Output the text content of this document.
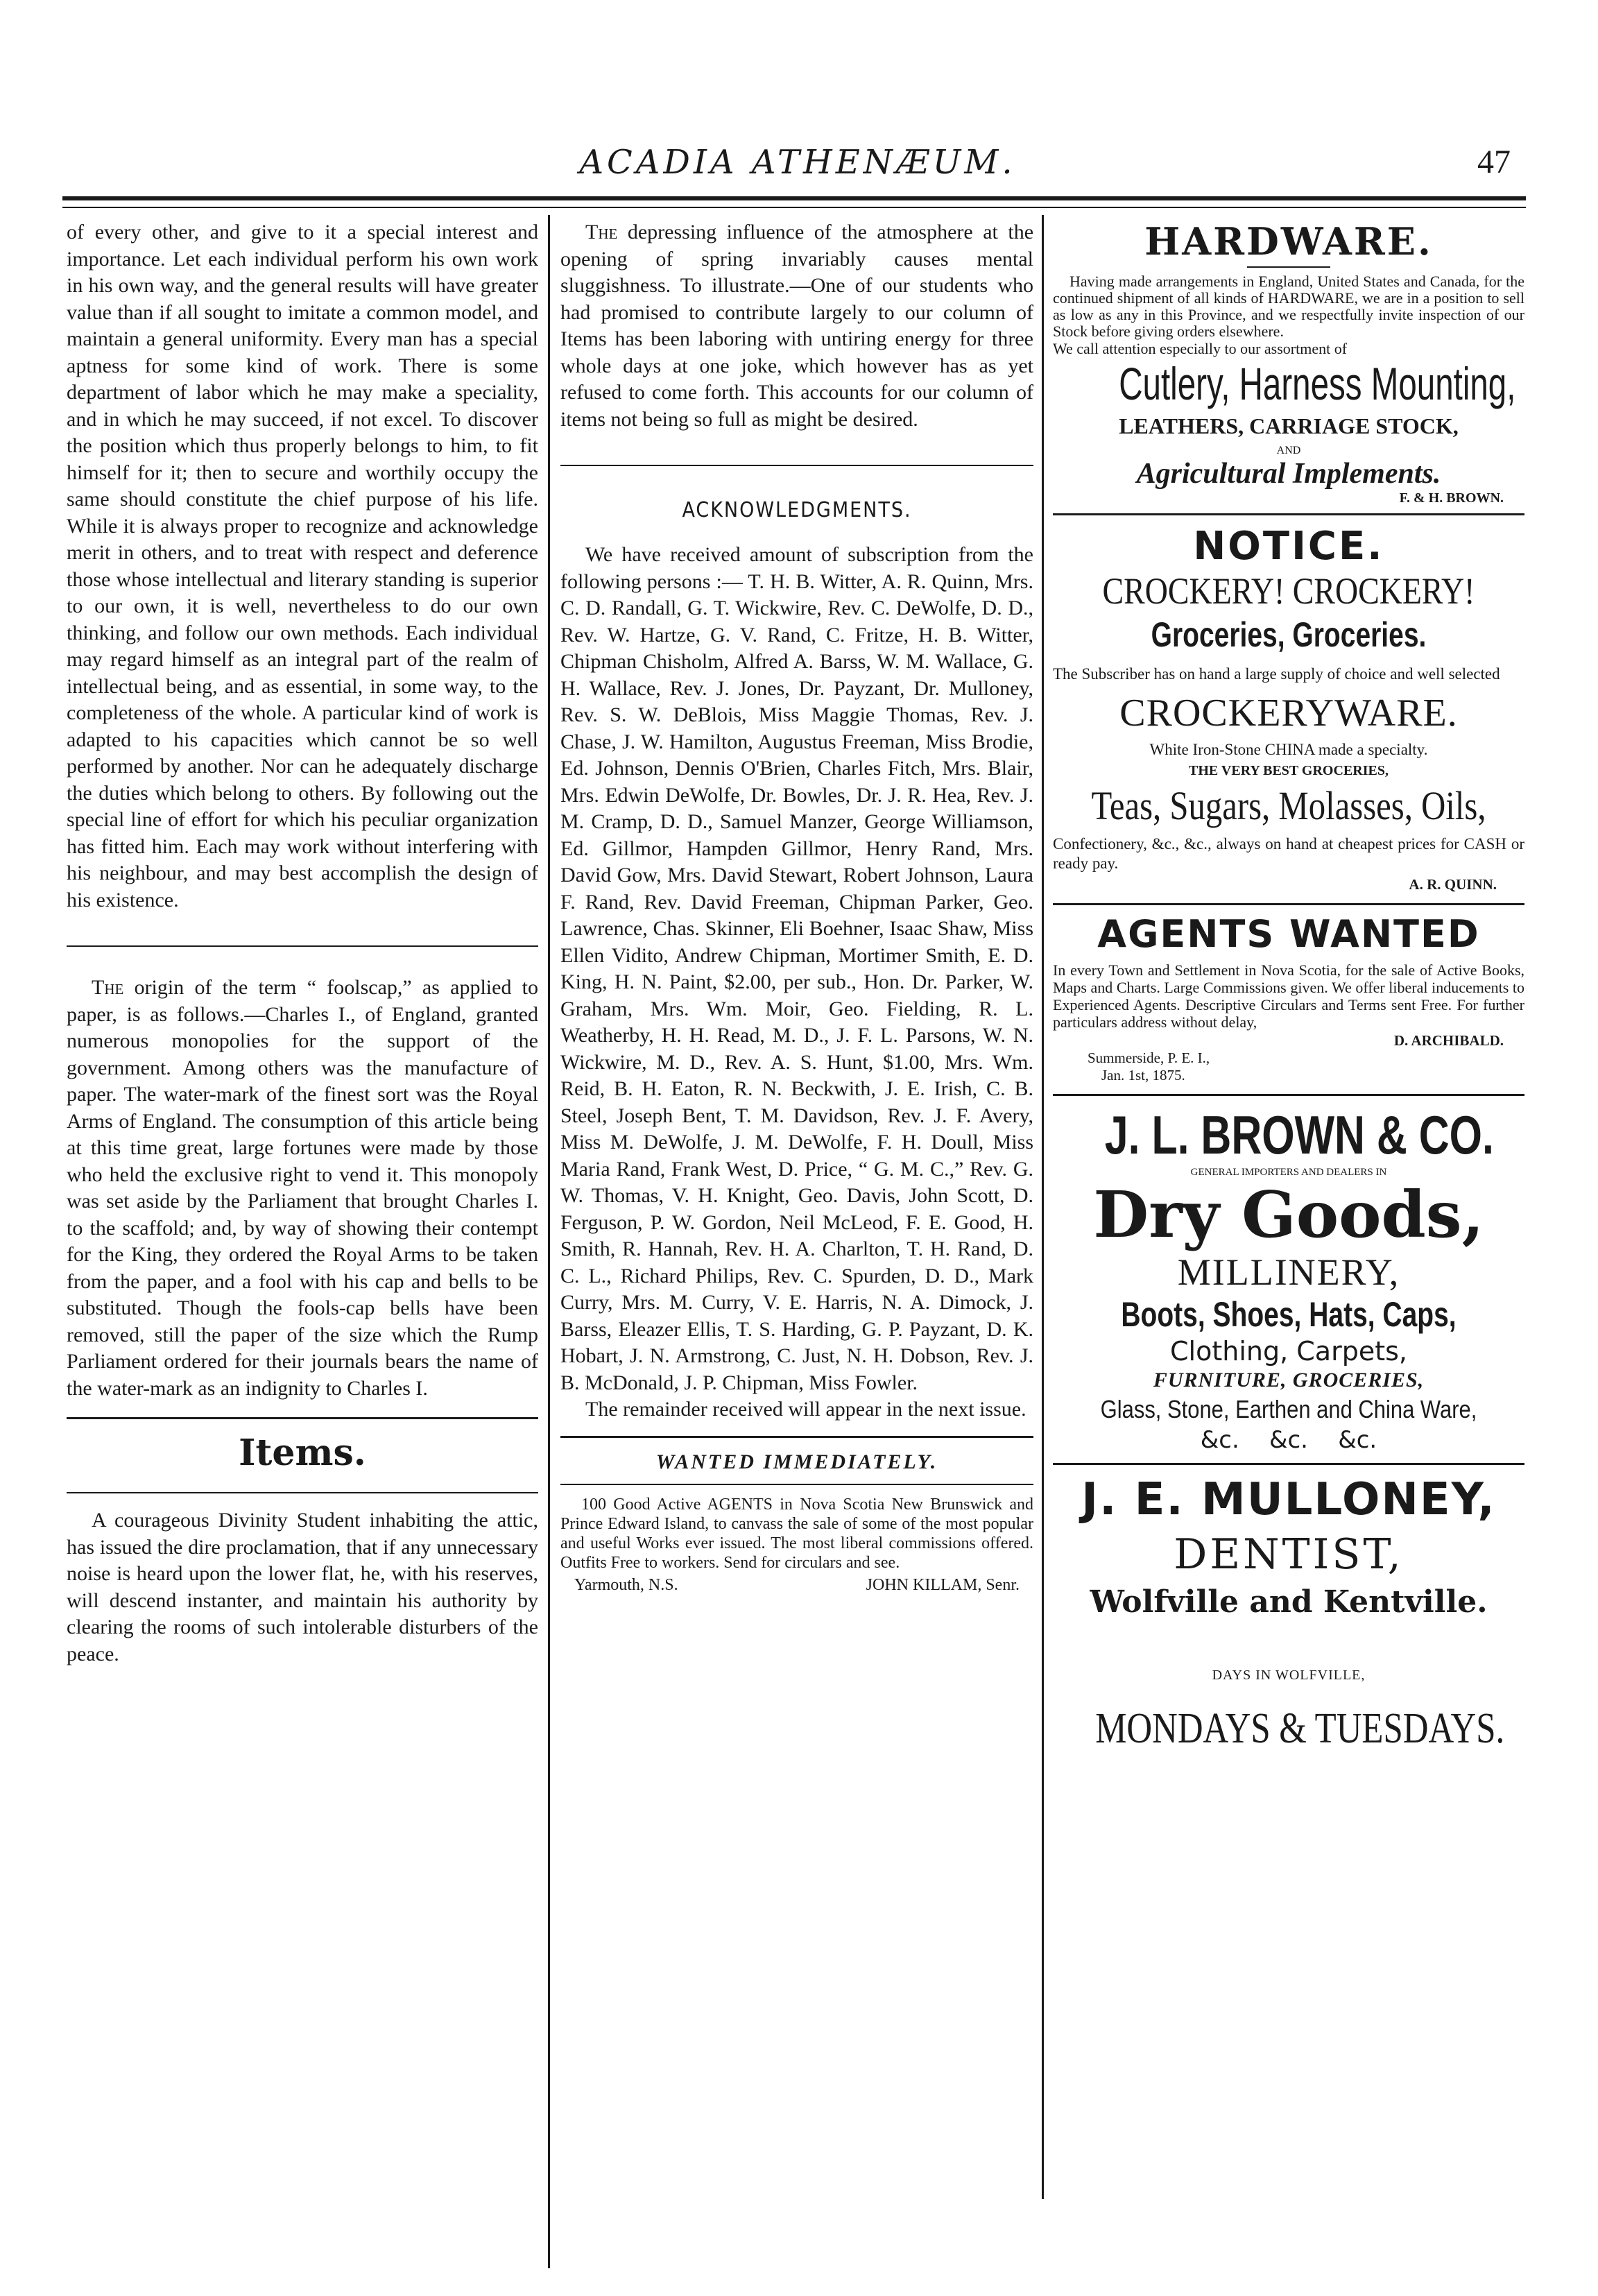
ACADIA ATHENÆUM.	47

of every other, and give to it a special interest and importance. Let each individual perform his own work in his own way, and the general results will have greater value than if all sought to imitate a common model, and maintain a general uniformity. Every man has a special aptness for some kind of work. There is some department of labor which he may make a speciality, and in which he may succeed, if not excel. To discover the position which thus properly belongs to him, to fit himself for it; then to secure and worthily occupy the same should constitute the chief purpose of his life. While it is always proper to recognize and acknowledge merit in others, and to treat with respect and deference those whose intellectual and literary standing is superior to our own, it is well, nevertheless to do our own thinking, and follow our own methods. Each individual may regard himself as an integral part of the realm of intellectual being, and as essential, in some way, to the completeness of the whole. A particular kind of work is adapted to his capacities which cannot be so well performed by another. Nor can he adequately discharge the duties which belong to others. By following out the special line of effort for which his peculiar organization has fitted him. Each may work without interfering with his neighbour, and may best accomplish the design of his existence.

The origin of the term “ foolscap,” as applied to paper, is as follows.—Charles I., of England, granted numerous monopolies for the support of the government. Among others was the manufacture of paper. The water-mark of the finest sort was the Royal Arms of England. The consumption of this article being at this time great, large fortunes were made by those who held the exclusive right to vend it. This monopoly was set aside by the Parliament that brought Charles I. to the scaffold; and, by way of showing their contempt for the King, they ordered the Royal Arms to be taken from the paper, and a fool with his cap and bells to be substituted. Though the fools-cap bells have been removed, still the paper of the size which the Rump Parliament ordered for their journals bears the name of the water-mark as an indignity to Charles I.

Items.

A courageous Divinity Student inhabiting the attic, has issued the dire proclamation, that if any unnecessary noise is heard upon the lower flat, he, with his reserves, will descend instanter, and maintain his authority by clearing the rooms of such intolerable disturbers of the peace.

The depressing influence of the atmosphere at the opening of spring invariably causes mental sluggishness. To illustrate.—One of our students who had promised to contribute largely to our column of Items has been laboring with untiring energy for three whole days at one joke, which however has as yet refused to come forth. This accounts for our column of items not being so full as might be desired.

ACKNOWLEDGMENTS.

We have received amount of subscription from the following persons :— T. H. B. Witter, A. R. Quinn, Mrs. C. D. Randall, G. T. Wickwire, Rev. C. DeWolfe, D. D., Rev. W. Hartze, G. V. Rand, C. Fritze, H. B. Witter, Chipman Chisholm, Alfred A. Barss, W. M. Wallace, G. H. Wallace, Rev. J. Jones, Dr. Payzant, Dr. Mulloney, Rev. S. W. DeBlois, Miss Maggie Thomas, Rev. J. Chase, J. W. Hamilton, Augustus Freeman, Miss Brodie, Ed. Johnson, Dennis O'Brien, Charles Fitch, Mrs. Blair, Mrs. Edwin DeWolfe, Dr. Bowles, Dr. J. R. Hea, Rev. J. M. Cramp, D. D., Samuel Manzer, George Williamson, Ed. Gillmor, Hampden Gillmor, Henry Rand, Mrs. David Gow, Mrs. David Stewart, Robert Johnson, Laura F. Rand, Rev. David Freeman, Chipman Parker, Geo. Lawrence, Chas. Skinner, Eli Boehner, Isaac Shaw, Miss Ellen Vidito, Andrew Chipman, Mortimer Smith, E. D. King, H. N. Paint, $2.00, per sub., Hon. Dr. Parker, W. Graham, Mrs. Wm. Moir, Geo. Fielding, R. L. Weatherby, H. H. Read, M. D., J. F. L. Parsons, W. N. Wickwire, M. D., Rev. A. S. Hunt, $1.00, Mrs. Wm. Reid, B. H. Eaton, R. N. Beckwith, J. E. Irish, C. B. Steel, Joseph Bent, T. M. Davidson, Rev. J. F. Avery, Miss M. DeWolfe, J. M. DeWolfe, F. H. Doull, Miss Maria Rand, Frank West, D. Price, “ G. M. C.,” Rev. G. W. Thomas, V. H. Knight, Geo. Davis, John Scott, D. Ferguson, P. W. Gordon, Neil McLeod, F. E. Good, H. Smith, R. Hannah, Rev. H. A. Charlton, T. H. Rand, D. C. L., Richard Philips, Rev. C. Spurden, D. D., Mark Curry, Mrs. M. Curry, V. E. Harris, N. A. Dimock, J. Barss, Eleazer Ellis, T. S. Harding, G. P. Payzant, D. K. Hobart, J. N. Armstrong, C. Just, N. H. Dobson, Rev. J. B. McDonald, J. P. Chipman, Miss Fowler.

The remainder received will appear in the next issue.

WANTED IMMEDIATELY.

100 Good Active AGENTS in Nova Scotia New Brunswick and Prince Edward Island, to canvass the sale of some of the most popular and useful Works ever issued. The most liberal commissions offered. Outfits Free to workers. Send for circulars and see.

Yarmouth, N.S.	JOHN KILLAM, Senr.

HARDWARE.

Having made arrangements in England, United States and Canada, for the continued shipment of all kinds of HARDWARE, we are in a position to sell as low as any in this Province, and we respectfully invite inspection of our Stock before giving orders elsewhere.

We call attention especially to our assortment of

Cutlery, Harness Mounting,

LEATHERS, CARRIAGE STOCK,

AND

Agricultural Implements.

F. & H. BROWN.

NOTICE.

CROCKERY! CROCKERY!

Groceries, Groceries.

The Subscriber has on hand a large supply of choice and well selected

CROCKERYWARE.

White Iron-Stone CHINA made a specialty.

THE VERY BEST GROCERIES,

Teas, Sugars, Molasses, Oils,

Confectionery, &c., &c., always on hand at cheapest prices for CASH or ready pay.

A. R. QUINN.

AGENTS WANTED

In every Town and Settlement in Nova Scotia, for the sale of Active Books, Maps and Charts. Large Commissions given. We offer liberal inducements to Experienced Agents. Descriptive Circulars and Terms sent Free. For further particulars address without delay,

D. ARCHIBALD.

Summerside, P. E. I.,

Jan. 1st, 1875.

J. L. BROWN & CO.

GENERAL IMPORTERS AND DEALERS IN

Dry Goods,

MILLINERY,

Boots, Shoes, Hats, Caps,

Clothing, Carpets,

FURNITURE, GROCERIES,

Glass, Stone, Earthen and China Ware,

&c.    &c.    &c.

J. E. MULLONEY,

DENTIST,

Wolfville and Kentville.

DAYS IN WOLFVILLE,

MONDAYS & TUESDAYS.
